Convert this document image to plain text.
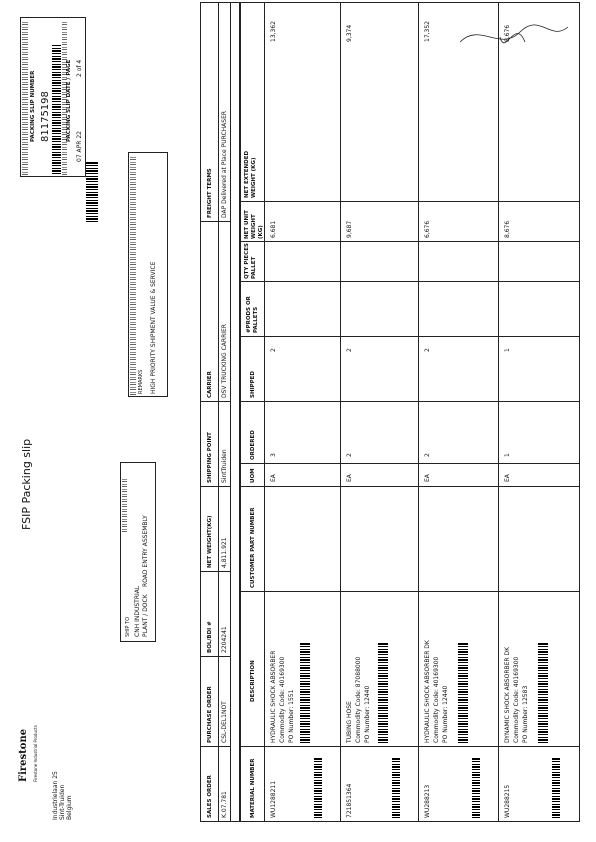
Firestone Firestone Industrial Products
Industrielaan 25 Sint-Truiden Belgium
FSIP Packing slip
SHIP TO CNH INDUSTRIAL PLANT / DOCK
ROAD ENTRY ASSEMBLY
REMARKS HIGH PRIORITY SHIPMENT VALUE & SERVICE
PACKING SLIP NUMBER 81175198	PACKING SLIP DATE / PAGE
07 APR 22
2 of 4
SALES ORDER
PURCHASE ORDER
BOL/BDI #
NET WEIGHT(KG)
SHIPPING POINT
CARRIER
FREIGHT TERMS
K.07.781
CSL-DEL1NOT
2204241
4,811.921
SintTruiden
DSV TRUCKING CARRIER
DAP Delivered at Place PURCHASER
MATERIAL NUMBER
DESCRIPTION
CUSTOMER PART NUMBER
UOM
ORDERED
SHIPPED
#PRODS OR PALLETS
QTY PIECES PALLET
NET UNIT WEIGHT (KG)
NET EXTENDED WEIGHT (KG)
WU1288211
HYDRAULIC SHOCK ABSORBER Commodity Code: 40169300 PO Number: 1551
EA
3
2
6,681
13,362
721851364
TUBING HOSE Commodity Code: 87088000 PO Number: 12440
EA
2
2
9,687
9,374
WU288213
HYDRAULIC SHOCK ABSORBER DK Commodity Code: 40169300 PO Number: 12440
EA
2
2
6,676
17,352
WU288215
DYNAMIC SHOCK ABSORBER DK Commodity Code: 40169300 PO Number: 12583
EA
1
1
8,676
8,676
